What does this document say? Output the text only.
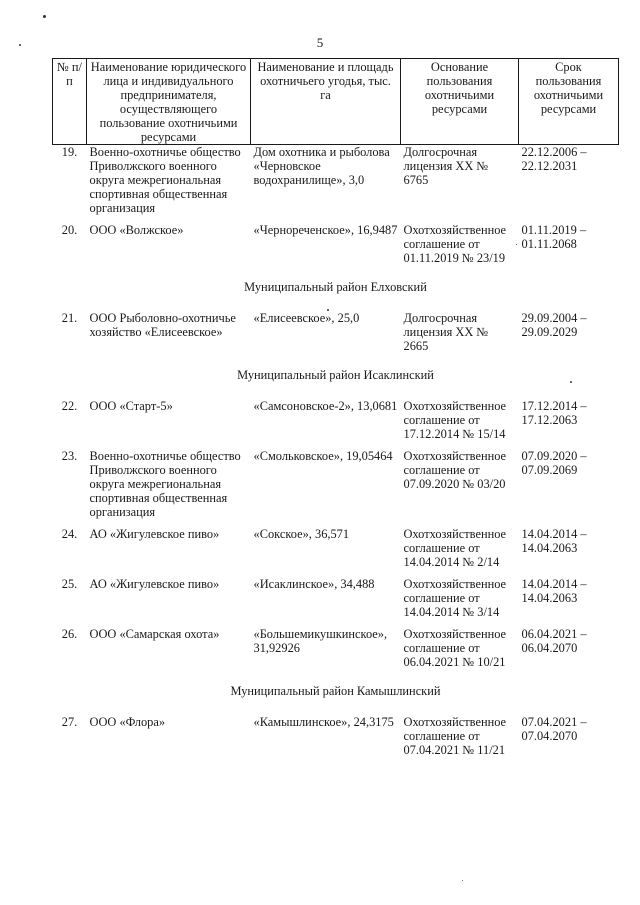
5
№ п/п	Наименование юридического лица и индивидуального предпринимателя, осуществляющего пользование охотничьими ресурсами	Наименование и площадь охотничьего угодья, тыс. га	Основание пользования охотничьими ресурсами	Срок пользования охотничьими ресурсами
19.	Военно-охотничье общество Приволжского военного округа межрегиональная спортивная общественная организация	Дом охотника и рыболова «Черновское водохранилище», 3,0	Долгосрочная лицензия ХХ № 6765	22.12.2006 – 22.12.2031
20.	ООО «Волжское»	«Чернореченское», 16,9487	Охотхозяйственное соглашение от 01.11.2019 № 23/19	01.11.2019 – 01.11.2068
Муниципальный район Елховский				
21.	ООО Рыболовно-охотничье хозяйство «Елисеевское»	«Елисеевское», 25,0	Долгосрочная лицензия ХХ № 2665	29.09.2004 – 29.09.2029
Муниципальный район Исаклинский				
22.	ООО «Старт-5»	«Самсоновское-2», 13,0681	Охотхозяйственное соглашение от 17.12.2014 № 15/14	17.12.2014 – 17.12.2063
23.	Военно-охотничье общество Приволжского военного округа межрегиональная спортивная общественная организация	«Смольковское», 19,05464	Охотхозяйственное соглашение от 07.09.2020 № 03/20	07.09.2020 – 07.09.2069
24.	АО «Жигулевское пиво»	«Сокское», 36,571	Охотхозяйственное соглашение от 14.04.2014 № 2/14	14.04.2014 – 14.04.2063
25.	АО «Жигулевское пиво»	«Исаклинское», 34,488	Охотхозяйственное соглашение от 14.04.2014 № 3/14	14.04.2014 – 14.04.2063
26.	ООО «Самарская охота»	«Большемикушкинское», 31,92926	Охотхозяйственное соглашение от 06.04.2021 № 10/21	06.04.2021 – 06.04.2070
Муниципальный район Камышлинский				
27.	ООО «Флора»	«Камышлинское», 24,3175	Охотхозяйственное соглашение от 07.04.2021 № 11/21	07.04.2021 – 07.04.2070
